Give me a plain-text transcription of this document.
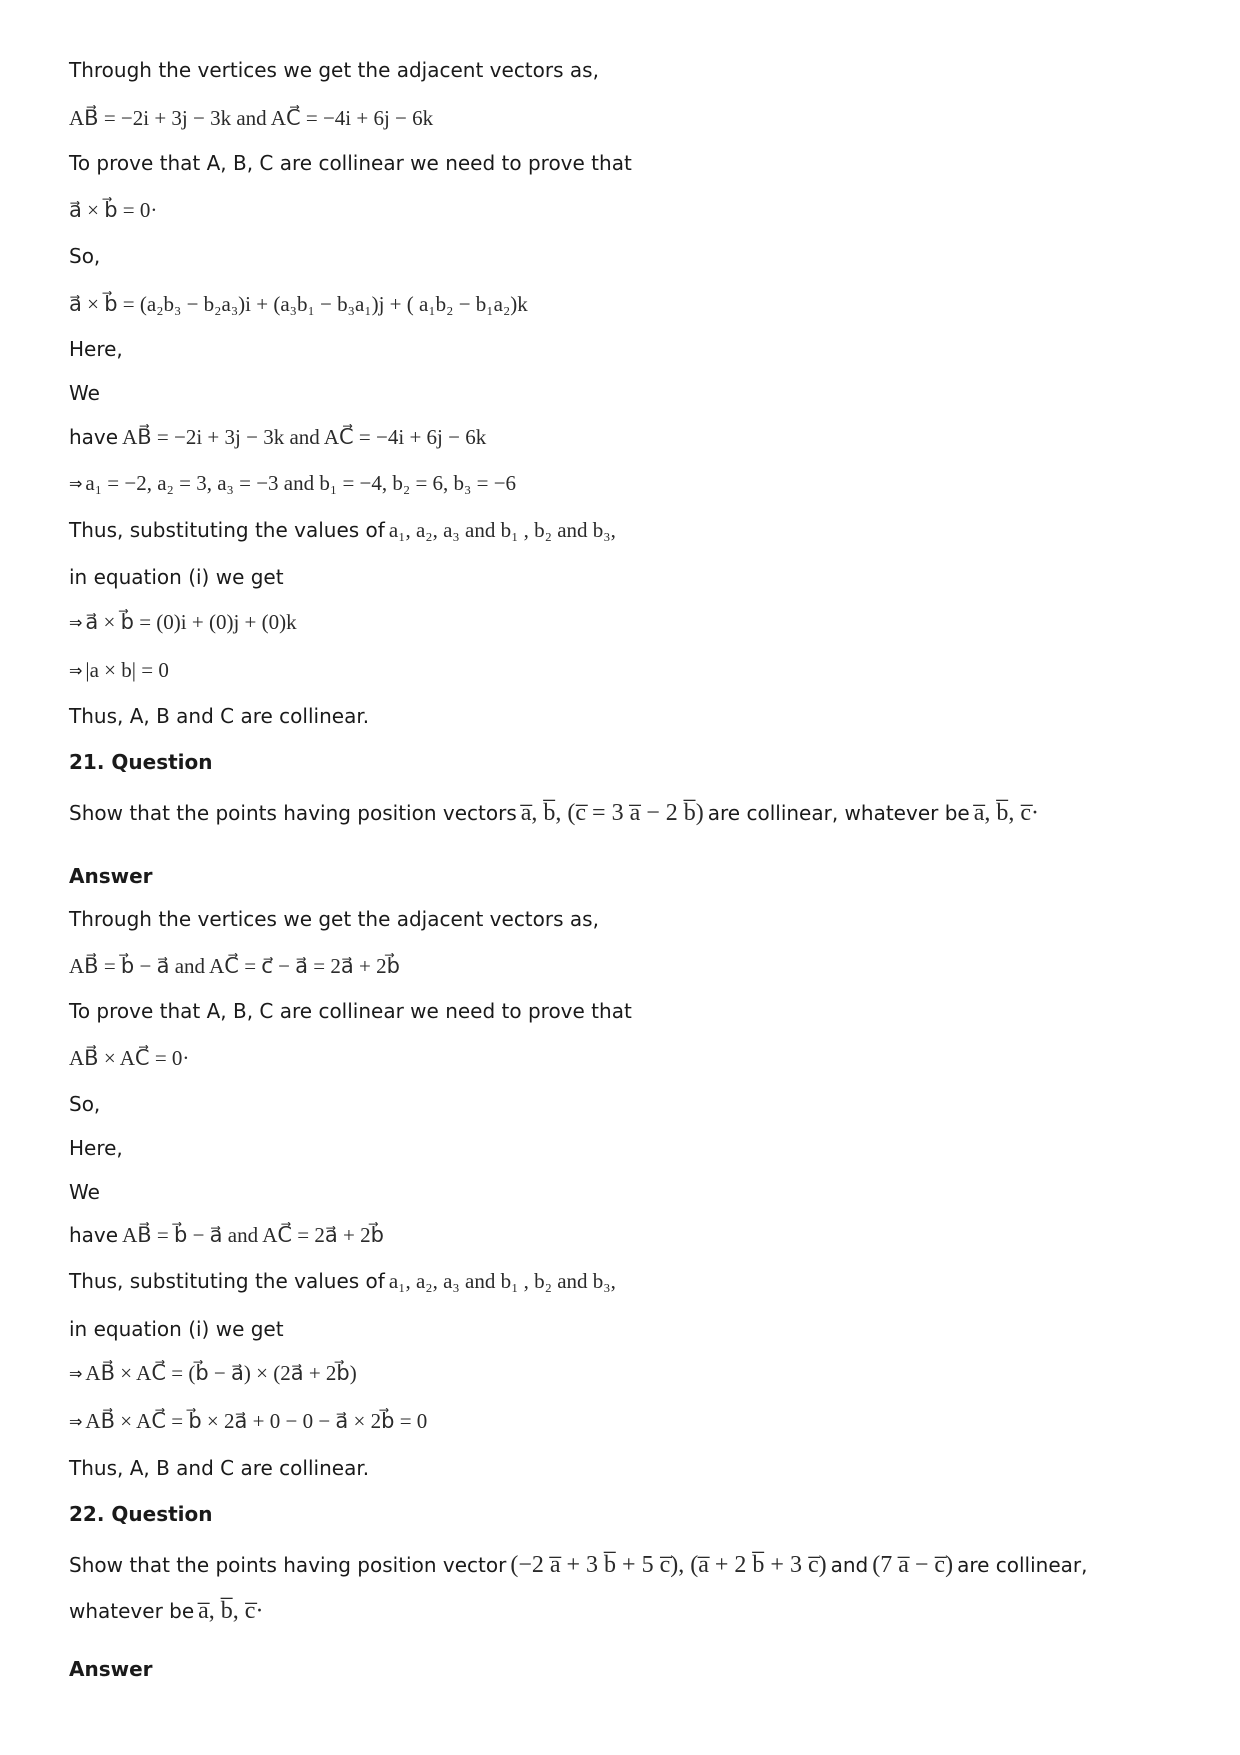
Through the vertices we get the adjacent vectors as,
AB⃗ = −2i + 3j − 3k and AC⃗ = −4i + 6j − 6k
To prove that A, B, C are collinear we need to prove that
a⃗ × b⃗ = 0·
So,
a⃗ × b⃗ = (a₂b₃ − b₂a₃)i + (a₃b₁ − b₃a₁)j + ( a₁b₂ − b₁a₂)k
Here,
We
have AB⃗ = −2i + 3j − 3k and AC⃗ = −4i + 6j − 6k
⇒ a₁ = −2, a₂ = 3, a₃ = −3 and b₁ = −4, b₂ = 6, b₃ = −6
Thus, substituting the values of a₁, a₂, a₃ and b₁ , b₂ and b₃,
in equation (i) we get
⇒ a⃗ × b⃗ = (0)i + (0)j + (0)k
⇒ |a × b| = 0
Thus, A, B and C are collinear.
21. Question
Show that the points having position vectors a̅, b̅, (c̅ = 3 a̅ − 2 b̅) are collinear, whatever be a̅, b̅, c̅·
Answer
Through the vertices we get the adjacent vectors as,
AB⃗ = b⃗ − a⃗ and AC⃗ = c⃗ − a⃗ = 2a⃗ + 2b⃗
To prove that A, B, C are collinear we need to prove that
AB⃗ × AC⃗ = 0·
So,
Here,
We
have AB⃗ = b⃗ − a⃗ and AC⃗ = 2a⃗ + 2b⃗
Thus, substituting the values of a₁, a₂, a₃ and b₁ , b₂ and b₃,
in equation (i) we get
⇒ AB⃗ × AC⃗ = (b⃗ − a⃗) × (2a⃗ + 2b⃗)
⇒ AB⃗ × AC⃗ = b⃗ × 2a⃗ + 0 − 0 − a⃗ × 2b⃗ = 0
Thus, A, B and C are collinear.
22. Question
Show that the points having position vector (−2 a̅ + 3 b̅ + 5 c̅), (a̅ + 2 b̅ + 3 c̅) and (7 a̅ − c̅) are collinear,
whatever be a̅, b̅, c̅·
Answer
